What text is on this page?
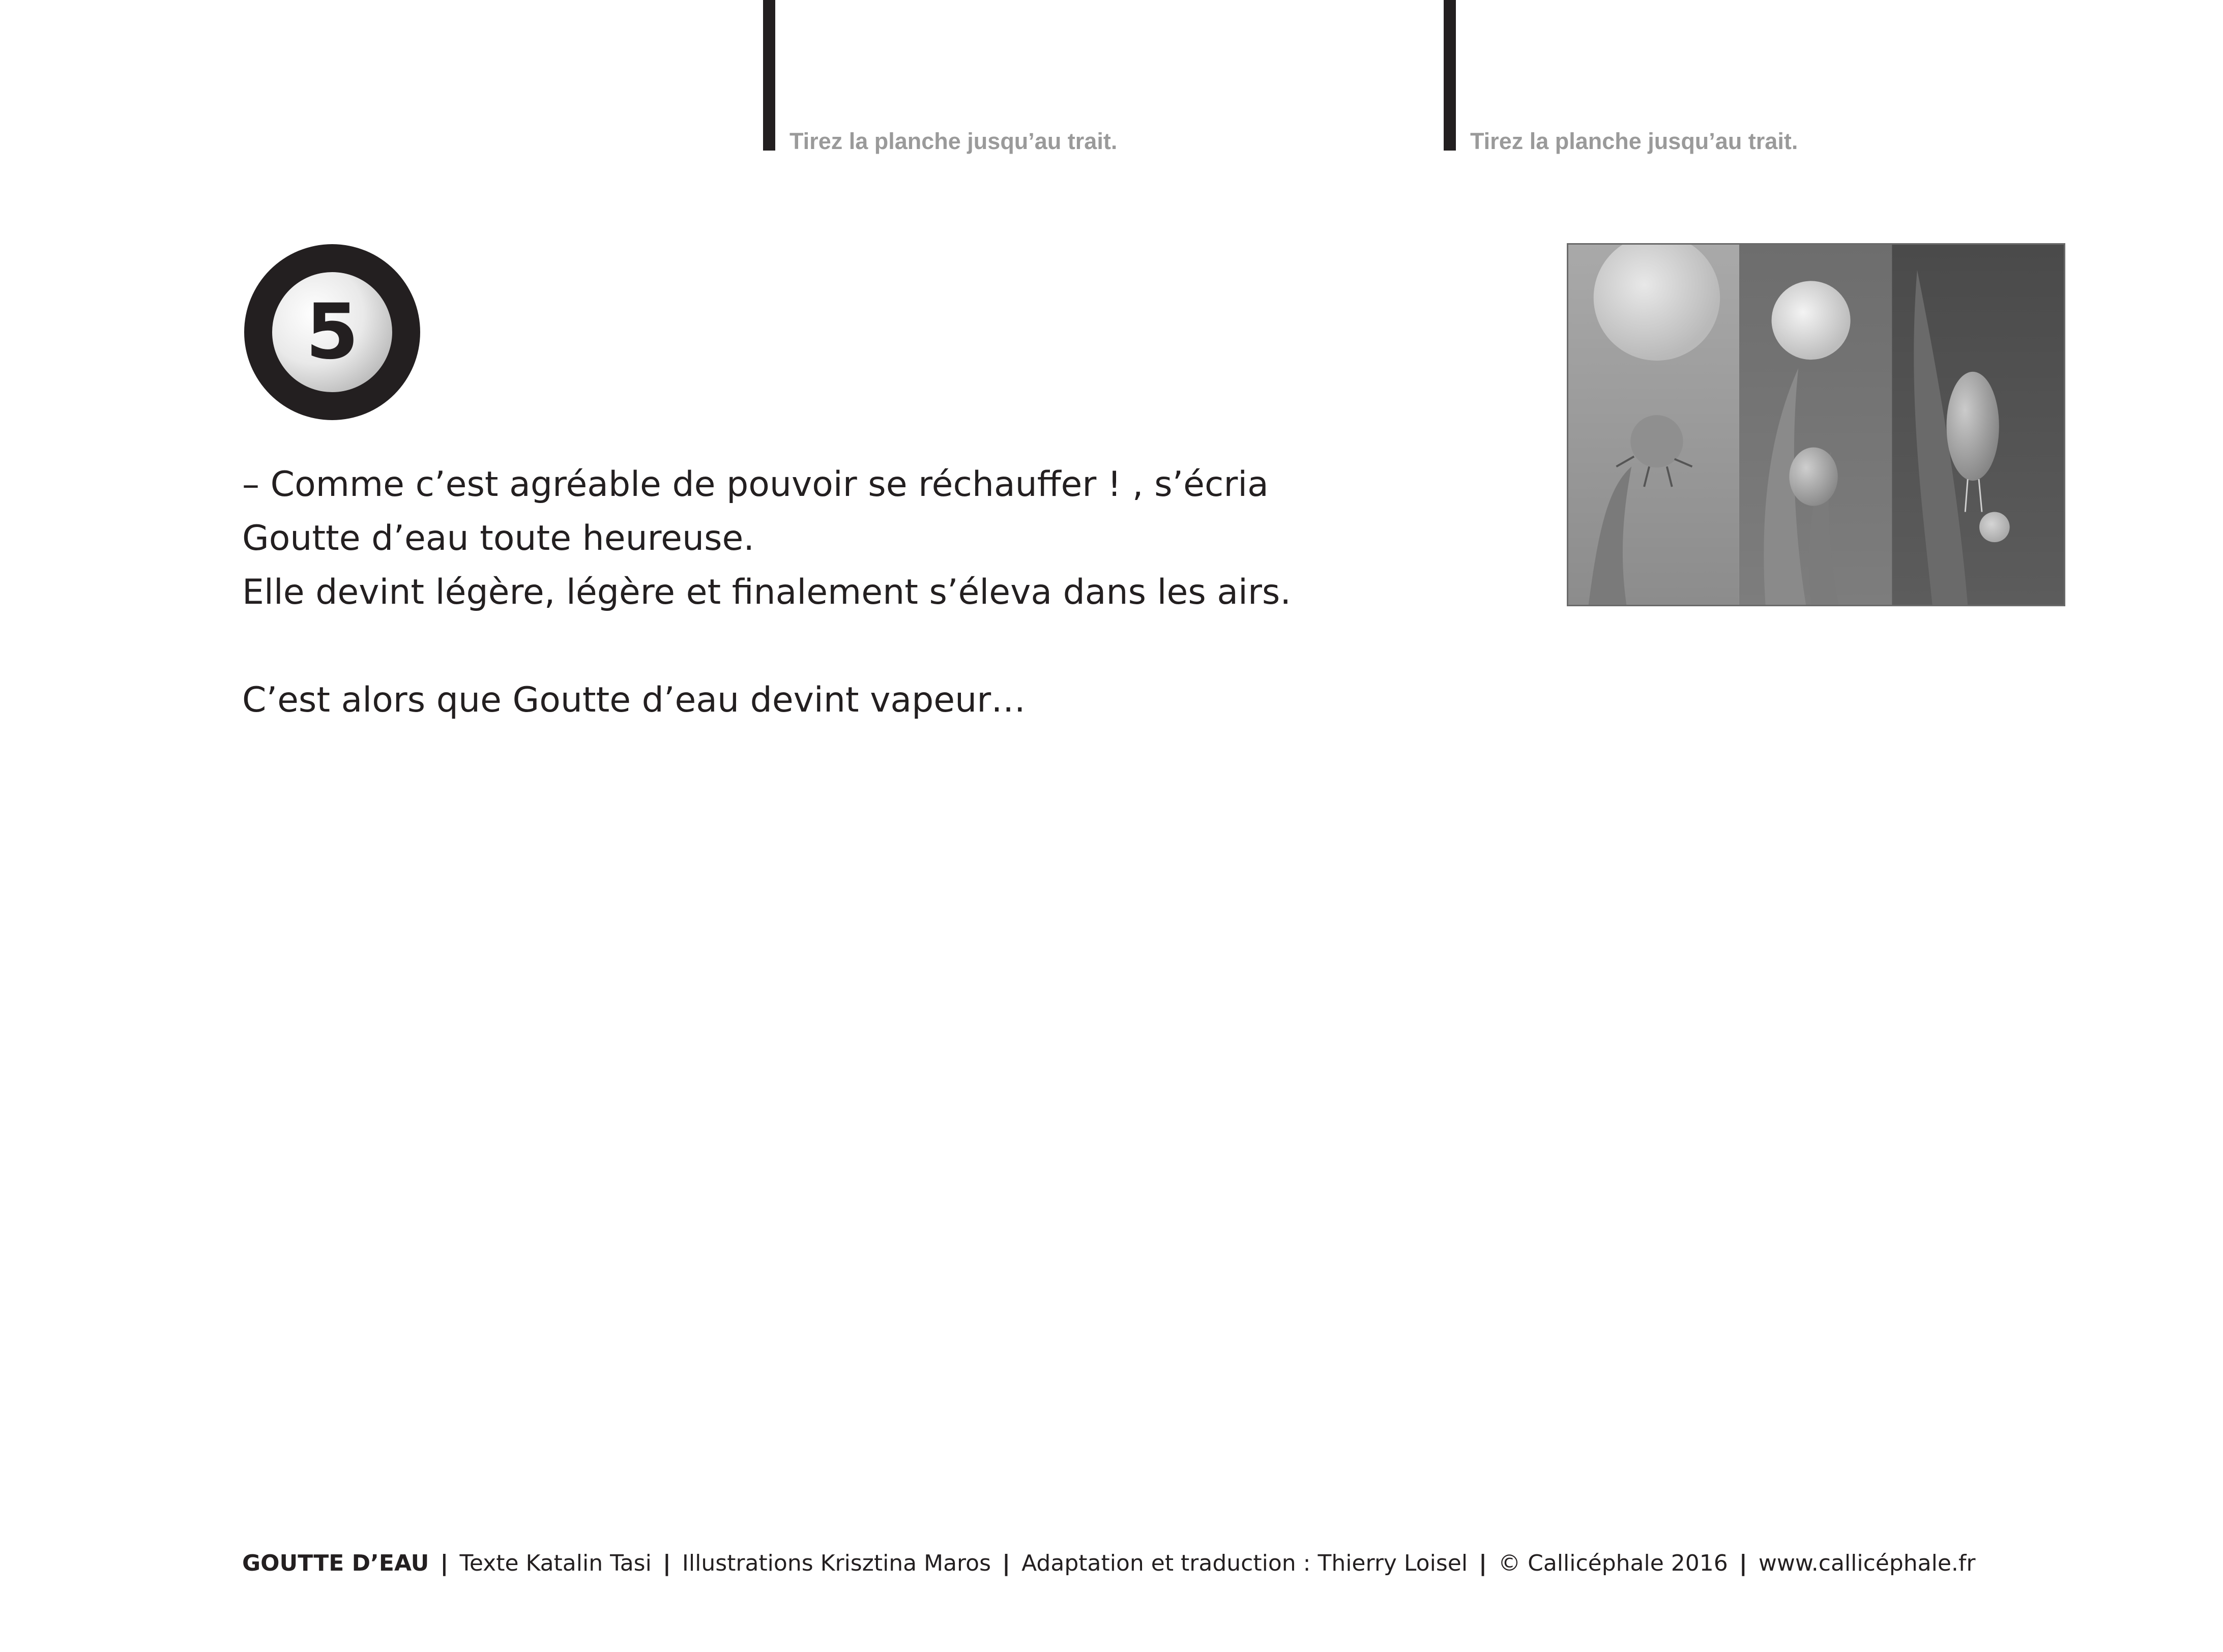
Tirez la planche jusqu’au trait.	Tirez la planche jusqu’au trait.
5

– Comme c’est agréable de pouvoir se réchauffer ! , s’écria

Goutte d’eau toute heureuse.

Elle devint légère, légère et finalement s’éleva dans les airs.

C’est alors que Goutte d’eau devint vapeur…

GOUTTE D’EAU | Texte Katalin Tasi | Illustrations Krisztina Maros | Adaptation et traduction : Thierry Loisel | © Callicéphale 2016 | www.callicéphale.fr
